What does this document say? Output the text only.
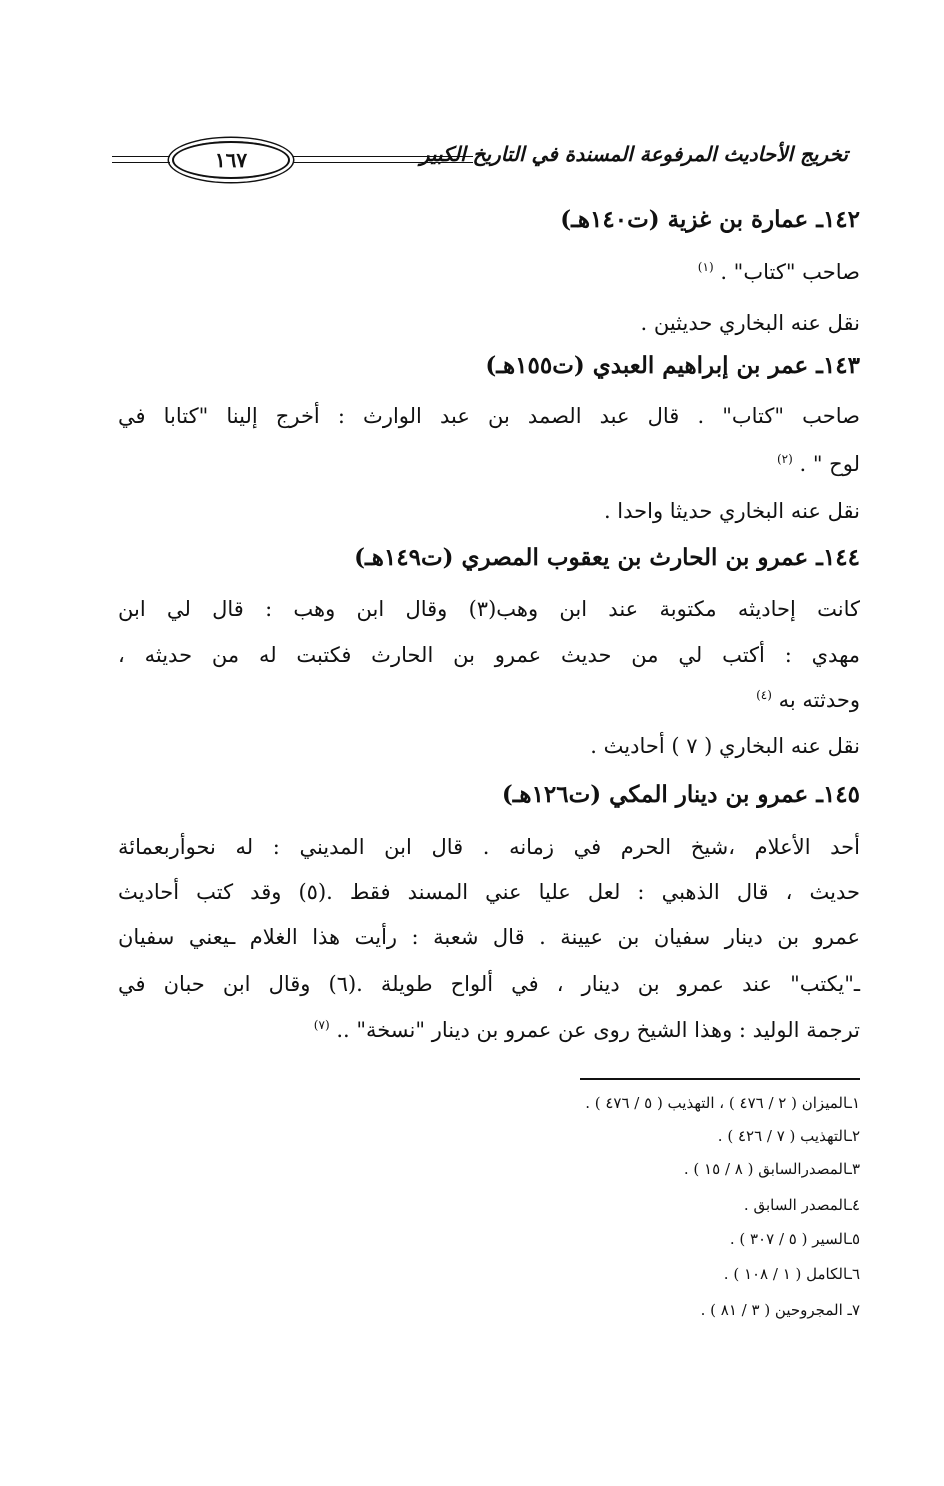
تخريج الأحاديث المرفوعة المسندة في التاريخ الكبير
١٦٧
١٤٢ـ عمارة بن غزية (ت١٤٠هـ)
صاحب "كتاب" . $^{(١)}$
نقل عنه البخاري حديثين .
١٤٣ـ عمر بن إبراهيم العبدي (ت١٥٥هـ)
صاحب "كتاب" . قال عبد الصمد بن عبد الوارث : أخرج إلينا "كتابا في
لوح " . $^{(٢)}$
نقل عنه البخاري حديثا واحدا .
١٤٤ـ عمرو بن الحارث بن يعقوب المصري (ت١٤٩هـ)
كانت إحاديثه مكتوبة عند ابن وهب(٣) وقال ابن وهب : قال لي ابن
مهدي : أكتب لي من حديث عمرو بن الحارث فكتبت له من حديثه ،
وحدثته به $^{(٤)}$
نقل عنه البخاري ( ٧ ) أحاديث .
١٤٥ـ عمرو بن دينار المكي (ت١٢٦هـ)
أحد الأعلام ،شيخ الحرم في زمانه . قال ابن المديني : له نحوأربعمائة
حديث ، قال الذهبي : لعل عليا عني المسند فقط .(٥) وقد كتب أحاديث
عمرو بن دينار سفيان بن عيينة . قال شعبة : رأيت هذا الغلام ـيعني سفيان
ـ"يكتب" عند عمرو بن دينار ، في ألواح طويلة .(٦) وقال ابن حبان في
ترجمة الوليد : وهذا الشيخ روى عن عمرو بن دينار "نسخة" .. $^{(٧)}$
١ـالميزان ( ٢ / ٤٧٦ ) ، التهذيب ( ٥ / ٤٧٦ ) .
٢ـالتهذيب ( ٧ / ٤٢٦ ) .
٣ـالمصدرالسابق ( ٨ / ١٥ ) .
٤ـالمصدر السابق .
٥ـالسير ( ٥ / ٣٠٧ ) .
٦ـالكامل ( ١ / ١٠٨ ) .
٧ـ المجروحين ( ٣ / ٨١ ) .
